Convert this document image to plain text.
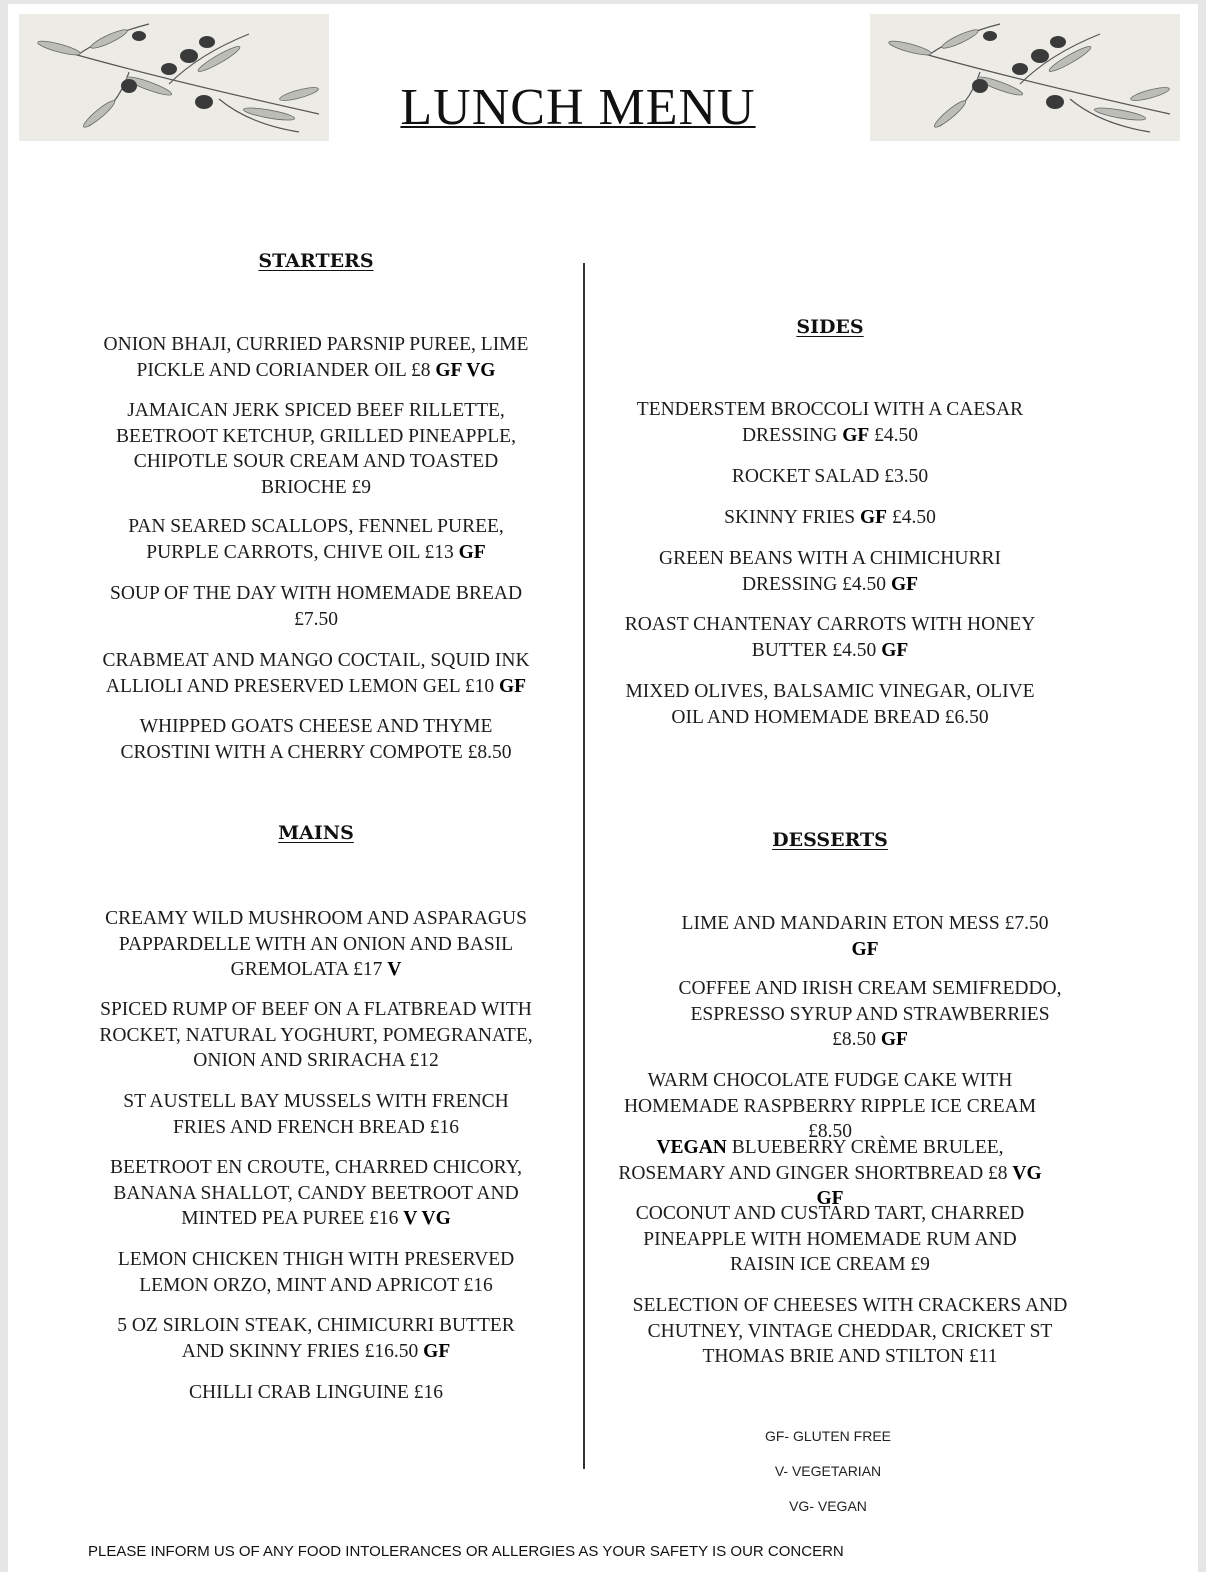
LUNCH MENU
STARTERS
ONION BHAJI, CURRIED PARSNIP PUREE, LIME PICKLE AND CORIANDER OIL £8 GF VG
JAMAICAN JERK SPICED BEEF RILLETTE, BEETROOT KETCHUP, GRILLED PINEAPPLE, CHIPOTLE SOUR CREAM AND TOASTED BRIOCHE £9
PAN SEARED SCALLOPS, FENNEL PUREE, PURPLE CARROTS, CHIVE OIL £13 GF
SOUP OF THE DAY WITH HOMEMADE BREAD £7.50
CRABMEAT AND MANGO COCTAIL, SQUID INK ALLIOLI AND PRESERVED LEMON GEL £10 GF
WHIPPED GOATS CHEESE AND THYME CROSTINI WITH A CHERRY COMPOTE £8.50
MAINS
CREAMY WILD MUSHROOM AND ASPARAGUS PAPPARDELLE WITH AN ONION AND BASIL GREMOLATA £17 V
SPICED RUMP OF BEEF ON A FLATBREAD WITH ROCKET, NATURAL YOGHURT, POMEGRANATE, ONION AND SRIRACHA £12
ST AUSTELL BAY MUSSELS WITH FRENCH FRIES AND FRENCH BREAD £16
BEETROOT EN CROUTE, CHARRED CHICORY, BANANA SHALLOT, CANDY BEETROOT AND MINTED PEA PUREE £16 V VG
LEMON CHICKEN THIGH WITH PRESERVED LEMON ORZO, MINT AND APRICOT £16
5 OZ SIRLOIN STEAK, CHIMICURRI BUTTER AND SKINNY FRIES £16.50 GF
CHILLI CRAB LINGUINE £16
SIDES
TENDERSTEM BROCCOLI WITH A CAESAR DRESSING GF £4.50
ROCKET SALAD £3.50
SKINNY FRIES GF £4.50
GREEN BEANS WITH A CHIMICHURRI DRESSING £4.50 GF
ROAST CHANTENAY CARROTS WITH HONEY BUTTER £4.50 GF
MIXED OLIVES, BALSAMIC VINEGAR, OLIVE OIL AND HOMEMADE BREAD £6.50
DESSERTS
LIME AND MANDARIN ETON MESS £7.50 GF
COFFEE AND IRISH CREAM SEMIFREDDO, ESPRESSO SYRUP AND STRAWBERRIES £8.50 GF
WARM CHOCOLATE FUDGE CAKE WITH HOMEMADE RASPBERRY RIPPLE ICE CREAM £8.50
VEGAN BLUEBERRY CRÈME BRULEE, ROSEMARY AND GINGER SHORTBREAD £8 VG GF
COCONUT AND CUSTARD TART, CHARRED PINEAPPLE WITH HOMEMADE RUM AND RAISIN ICE CREAM £9
SELECTION OF CHEESES WITH CRACKERS AND CHUTNEY, VINTAGE CHEDDAR, CRICKET ST THOMAS BRIE AND STILTON £11
GF- GLUTEN FREE
V- VEGETARIAN
VG- VEGAN
PLEASE INFORM US OF ANY FOOD INTOLERANCES OR ALLERGIES AS YOUR SAFETY IS OUR CONCERN
